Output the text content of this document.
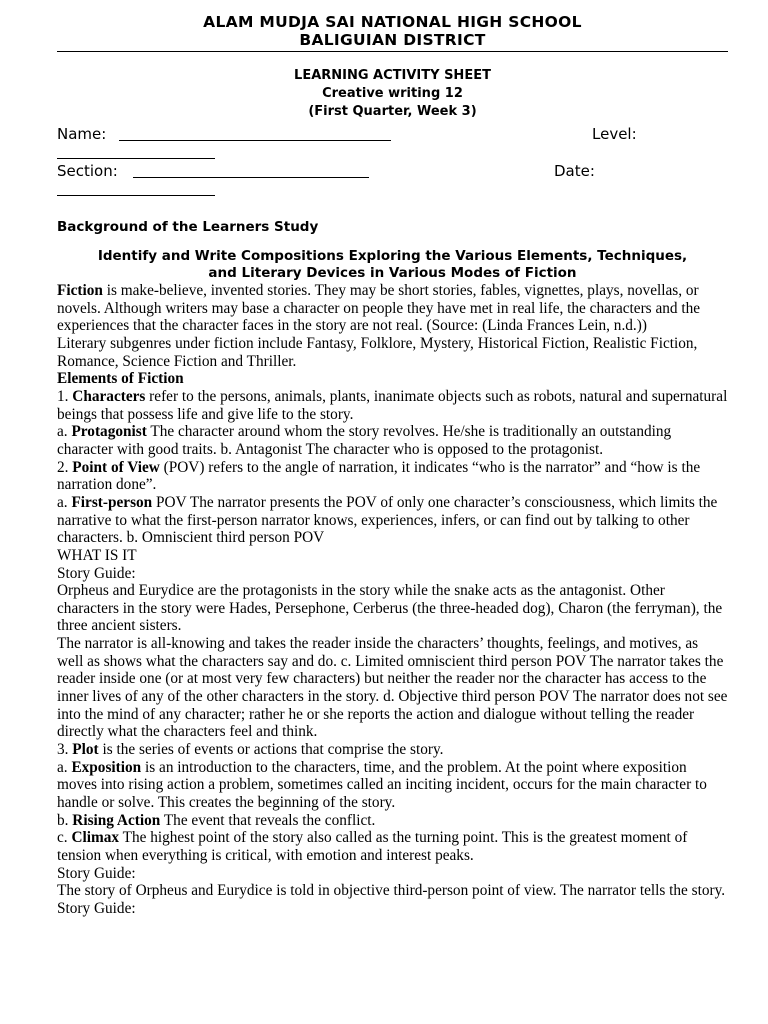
ALAM MUDJA SAI NATIONAL HIGH SCHOOL
BALIGUIAN DISTRICT
LEARNING ACTIVITY SHEET
Creative writing 12
(First Quarter, Week 3)
Name:	Level:
Section:	Date:
Background of the Learners Study
Identify and Write Compositions Exploring the Various Elements, Techniques,
and Literary Devices in Various Modes of Fiction

Fiction is make-believe, invented stories. They may be short stories, fables, vignettes, plays, novellas, or novels. Although writers may base a character on people they have met in real life, the characters and the experiences that the character faces in the story are not real. (Source: (Linda Frances Lein, n.d.))

Literary subgenres under fiction include Fantasy, Folklore, Mystery, Historical Fiction, Realistic Fiction, Romance, Science Fiction and Thriller.

Elements of Fiction

1. Characters refer to the persons, animals, plants, inanimate objects such as robots, natural and supernatural beings that possess life and give life to the story.

a. Protagonist The character around whom the story revolves. He/she is traditionally an outstanding character with good traits. b. Antagonist The character who is opposed to the protagonist.

2. Point of View (POV) refers to the angle of narration, it indicates “who is the narrator” and “how is the narration done”.

a. First-person POV The narrator presents the POV of only one character’s consciousness, which limits the narrative to what the first-person narrator knows, experiences, infers, or can find out by talking to other characters. b. Omniscient third person POV

WHAT IS IT

Story Guide:

Orpheus and Eurydice are the protagonists in the story while the snake acts as the antagonist. Other characters in the story were Hades, Persephone, Cerberus (the three-headed dog), Charon (the ferryman), the three ancient sisters.

The narrator is all-knowing and takes the reader inside the characters’ thoughts, feelings, and motives, as well as shows what the characters say and do. c. Limited omniscient third person POV The narrator takes the reader inside one (or at most very few characters) but neither the reader nor the character has access to the inner lives of any of the other characters in the story. d. Objective third person POV The narrator does not see into the mind of any character; rather he or she reports the action and dialogue without telling the reader directly what the characters feel and think.

3. Plot is the series of events or actions that comprise the story.

a. Exposition is an introduction to the characters, time, and the problem. At the point where exposition moves into rising action a problem, sometimes called an inciting incident, occurs for the main character to handle or solve. This creates the beginning of the story.

b. Rising Action The event that reveals the conflict.

c. Climax The highest point of the story also called as the turning point. This is the greatest moment of tension when everything is critical, with emotion and interest peaks.

Story Guide:

The story of Orpheus and Eurydice is told in objective third-person point of view. The narrator tells the story.

Story Guide:
